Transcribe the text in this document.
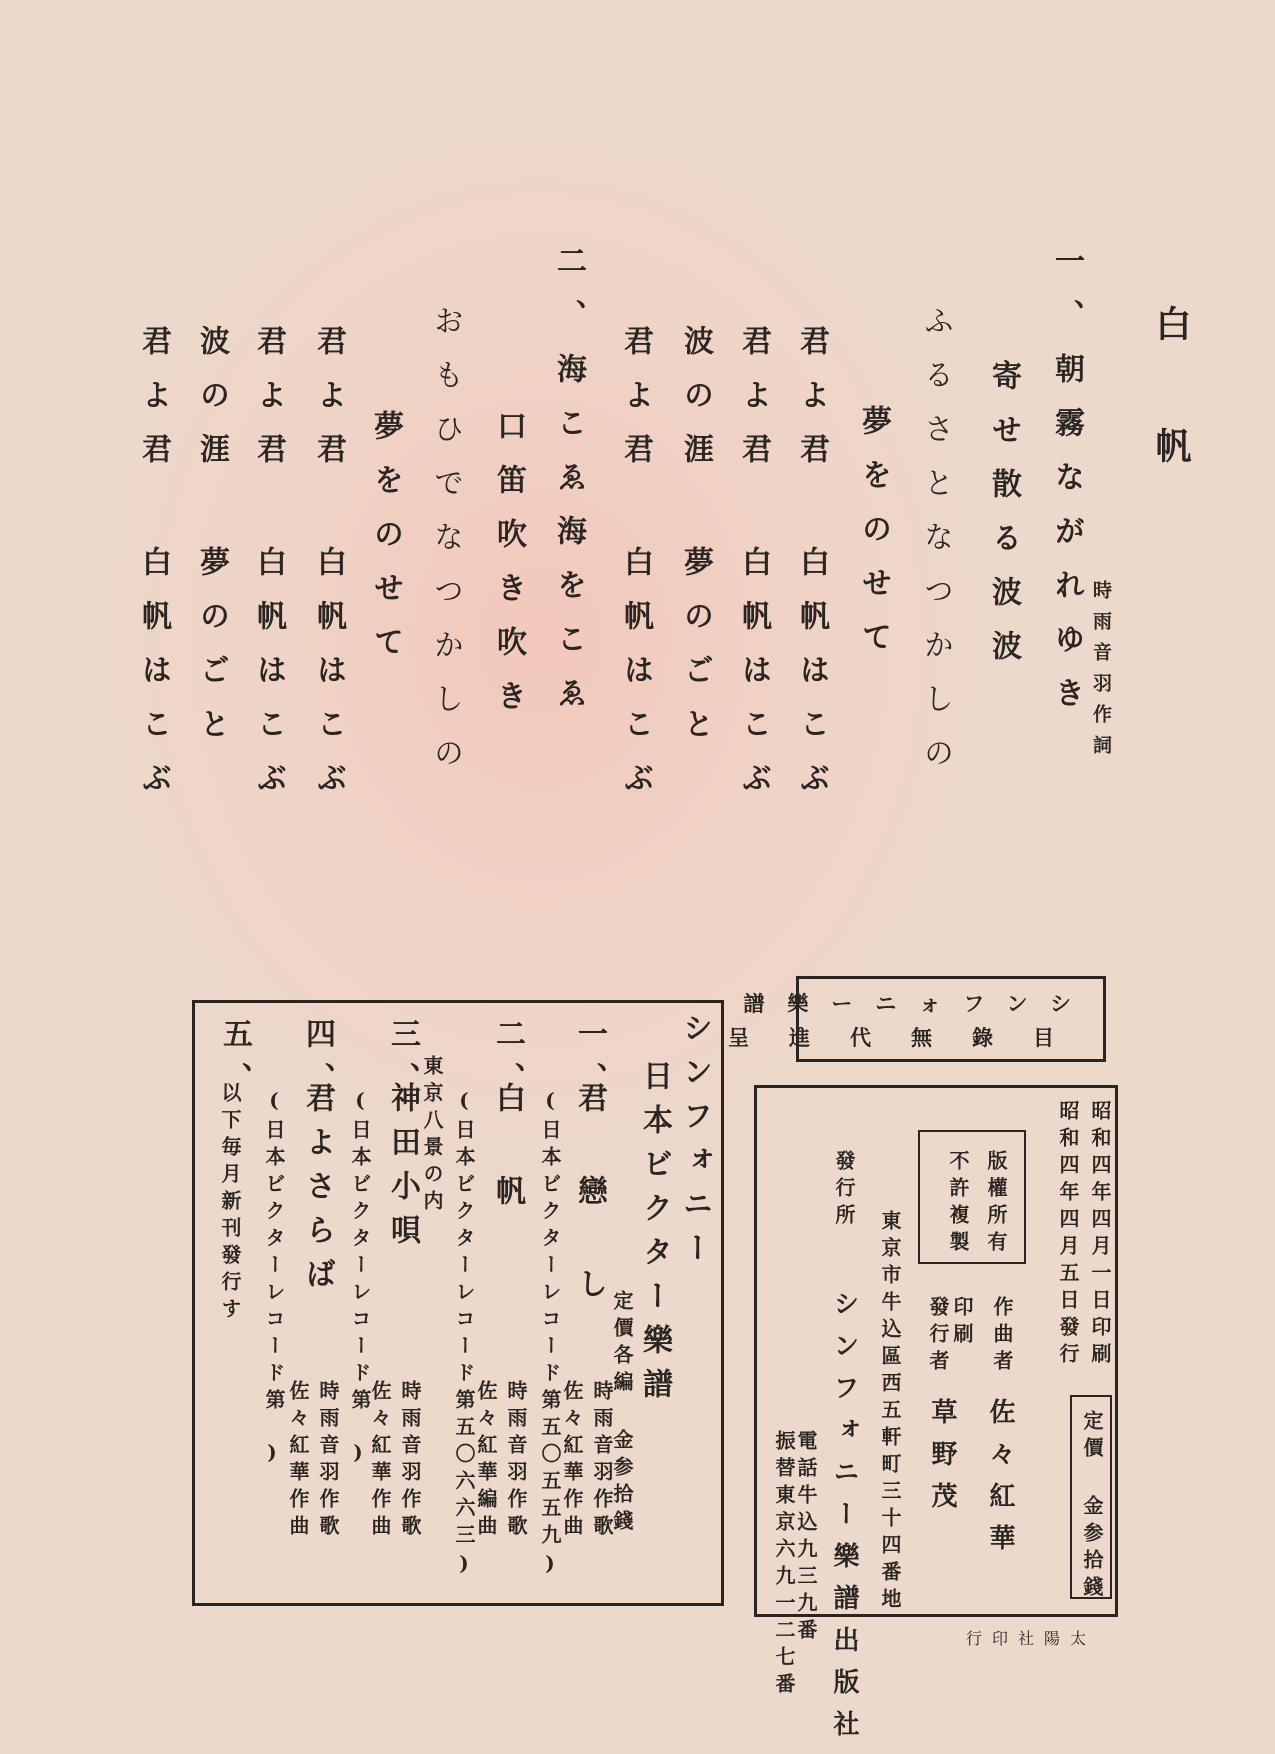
白 帆
時雨音羽作詞
一、朝霧ながれゆき
寄せ散る波波
ふるさとなつかしの
夢をのせて
君よ君 白帆はこぶ
君よ君 白帆はこぶ
波の涯 夢のごと
君よ君 白帆はこぶ
二、海こゑ海をこゑ
口笛吹き吹き
おもひでなつかしの
夢をのせて
君よ君 白帆はこぶ
君よ君 白帆はこぶ
波の涯 夢のごと
君よ君 白帆はこぶ
シンフォニー
日本ビクター樂譜
定價各編 金参拾錢
一、
君 戀 し
(日本ビクターレコード第五〇五五九) 時雨音羽作歌
佐々紅華作曲
二、
白 帆
(日本ビクターレコード第五〇六六三) 時雨音羽作歌
佐々紅華編曲
東京八景の内
三、
神田小唄
(日本ビクターレコード第
) 時雨音羽作歌
佐々紅華作曲
四、
君よさらば
(日本ビクターレコード第
) 時雨音羽作歌
佐々紅華作曲
五、
以下毎月新刊發行す
シンフォニー樂譜
目錄無代進呈
昭和四年四月一日印刷
昭和四年四月五日發行
定價 金参拾錢
版權所有
不許複製
作曲者
佐々紅華
印刷
發行者
草野茂
東京市牛込區西五軒町三十四番地
發行所
シンフォニー樂譜出版社
電話牛込九三九番
振替東京六九一二七番	太陽社印行
